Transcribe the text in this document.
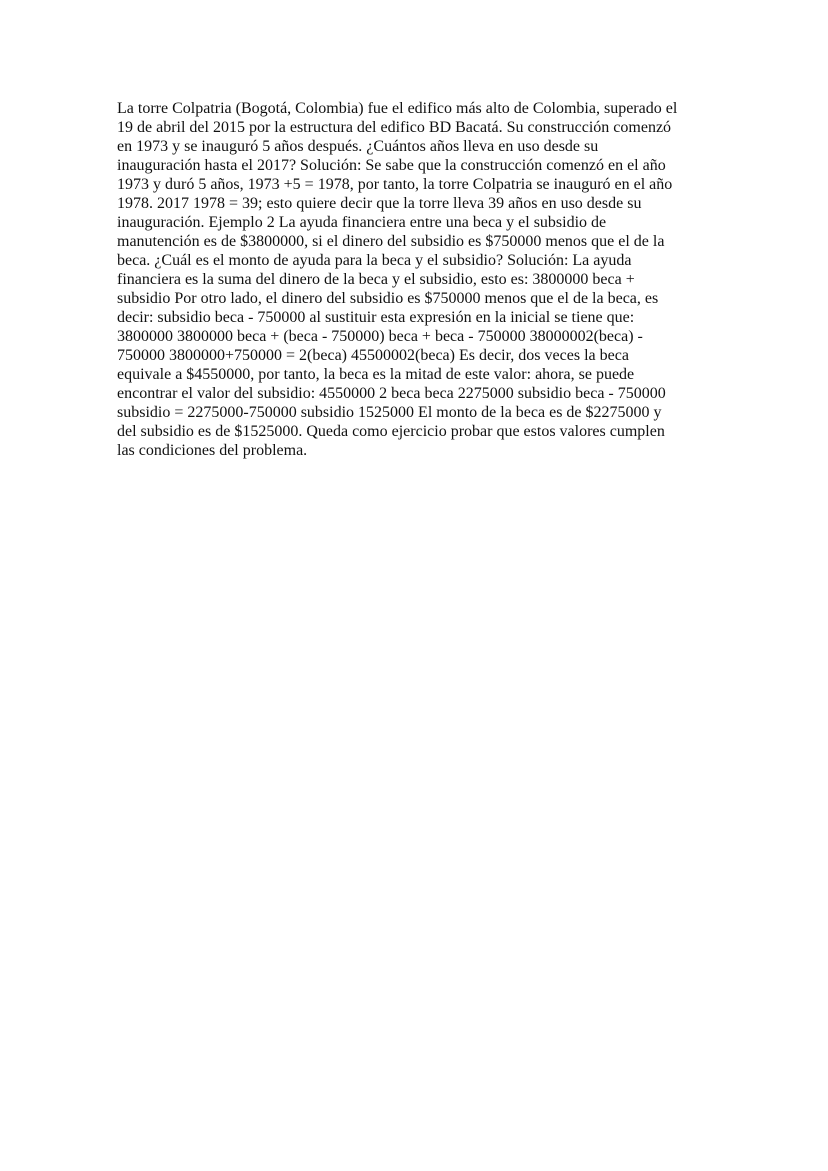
La torre Colpatria (Bogotá, Colombia) fue el edifico más alto de Colombia, superado el
19 de abril del 2015 por la estructura del edifico BD Bacatá. Su construcción comenzó
en 1973 y se inauguró 5 años después. ¿Cuántos años lleva en uso desde su
inauguración hasta el 2017? Solución: Se sabe que la construcción comenzó en el año
1973 y duró 5 años, 1973 +5 = 1978, por tanto, la torre Colpatria se inauguró en el año
1978. 2017 1978 = 39; esto quiere decir que la torre lleva 39 años en uso desde su
inauguración. Ejemplo 2 La ayuda financiera entre una beca y el subsidio de
manutención es de $3800000, si el dinero del subsidio es $750000 menos que el de la
beca. ¿Cuál es el monto de ayuda para la beca y el subsidio? Solución: La ayuda
financiera es la suma del dinero de la beca y el subsidio, esto es: 3800000 beca +
subsidio Por otro lado, el dinero del subsidio es $750000 menos que el de la beca, es
decir: subsidio beca - 750000 al sustituir esta expresión en la inicial se tiene que:
3800000 3800000 beca + (beca - 750000) beca + beca - 750000 38000002(beca) -
750000 3800000+750000 = 2(beca) 45500002(beca) Es decir, dos veces la beca
equivale a $4550000, por tanto, la beca es la mitad de este valor: ahora, se puede
encontrar el valor del subsidio: 4550000 2 beca beca 2275000 subsidio beca - 750000
subsidio = 2275000-750000 subsidio 1525000 El monto de la beca es de $2275000 y
del subsidio es de $1525000. Queda como ejercicio probar que estos valores cumplen
las condiciones del problema.
